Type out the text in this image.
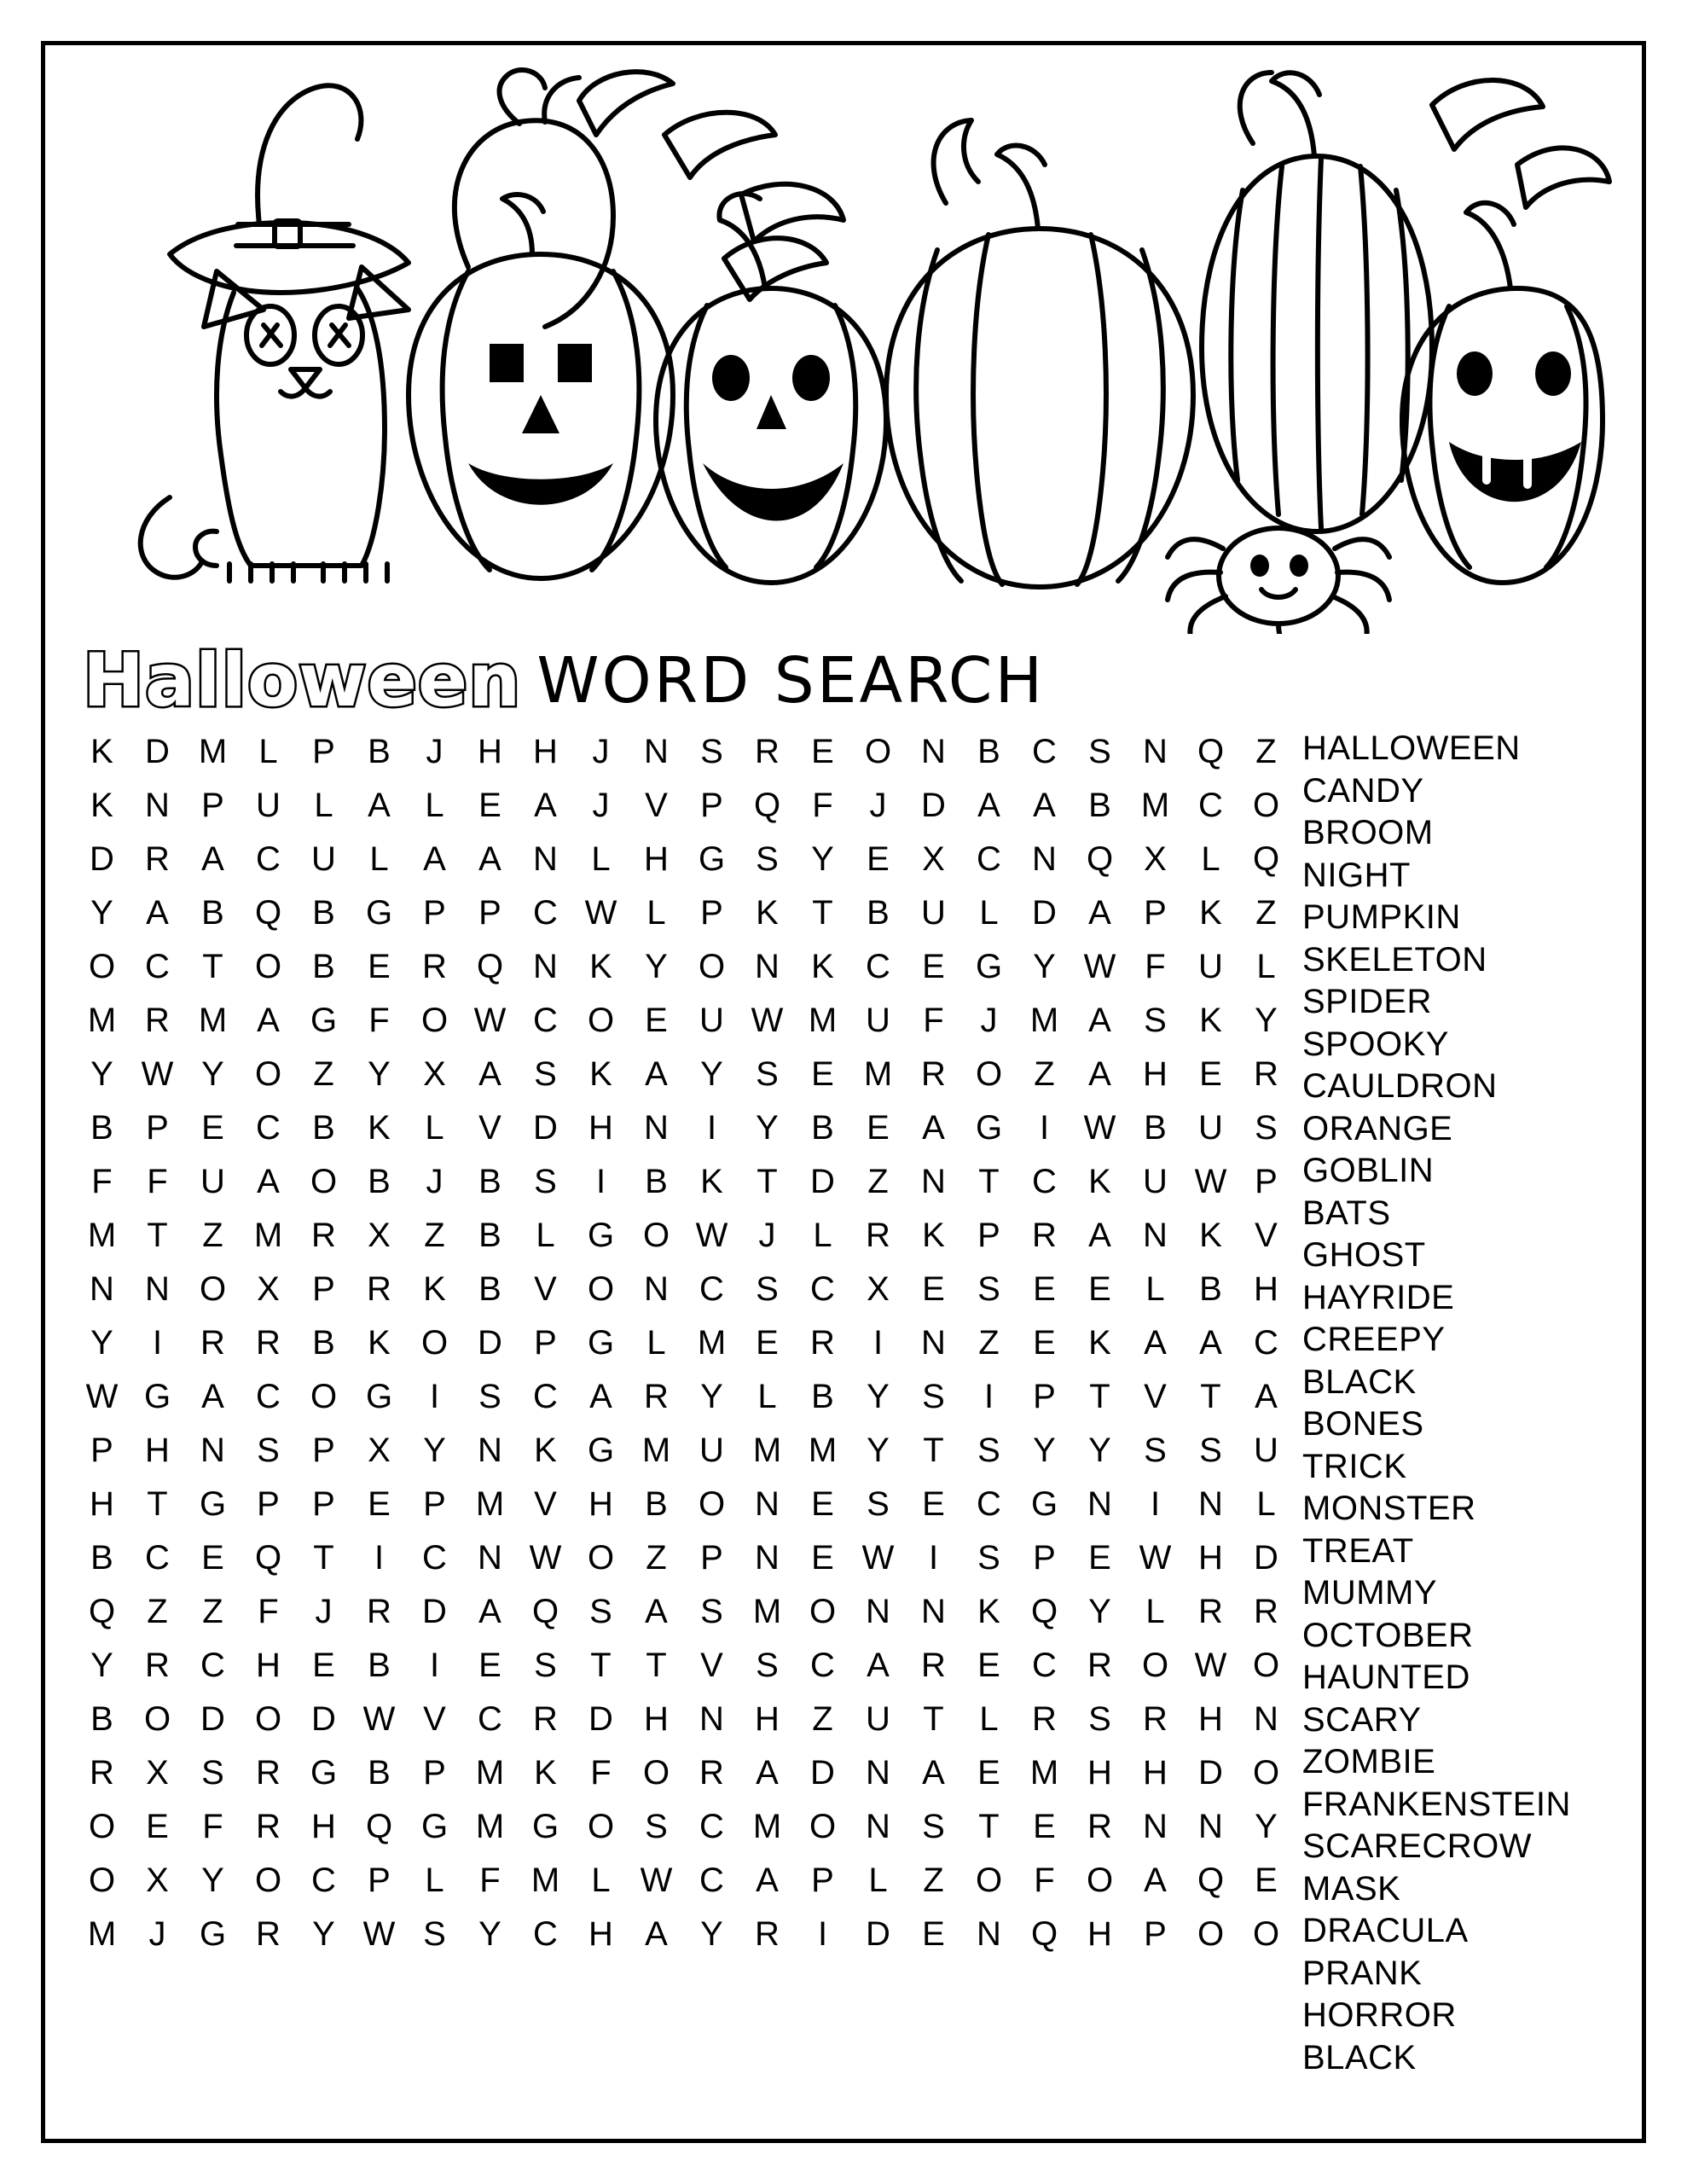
Halloween WORD SEARCH
K D M L	P B	J	H H	J	N S R E O N B C S N Q Z
K N P U L	A	L	E A	J	V P Q F	J	D A A B M C O
D R A C U L	A A N L H G S Y E X C N Q X	L Q
Y A B Q B G P P C W L	P K T B U L D A P K Z
O C T O B E R Q N K Y O N K C E G Y W F U L
M R M A G F O W C O E U W M U F	J M A S K Y
Y W Y O Z Y X A S K A Y S E M R O Z A H E R
B P E C B K	L	V D H N	I	Y B E A G	I	W B U S
F	F U A O B	J	B S	I	B K T D Z N T C K U W P
M T	Z M R X Z B	L G O W J	L R K P R A N K V
N N O X P R K B V O N C S C X E S E E	L	B H
Y	I	R R B K O D P G L M E R	I	N Z E K A A C
W G A C O G	I	S C A R Y	L	B Y S	I	P T V T A
P H N S P X Y N K G M U M M Y T S Y Y S S U
H T G P P E P M V H B O N E S E C G N	I	N L
B C E Q T	I	C N W O Z P N E W	I	S P E W H D
Q Z	Z	F	J	R D A Q S A S M O N N K Q Y	L R R
Y R C H E B	I	E S T	T V S C A R E C R O W O
B O D O D W V C R D H N H Z U T	L R S R H N
R X S R G B P M K F O R A D N A E M H H D O
O E F R H Q G M G O S C M O N S T E R N N Y
O X Y O C P	L	F M L W C A P	L	Z O F O A Q E
M J G R Y W S Y C H A Y R	I	D E N Q H P O O
HALLOWEEN
CANDY
BROOM
NIGHT
PUMPKIN
SKELETON
SPIDER
SPOOKY
CAULDRON
ORANGE
GOBLIN
BATS
GHOST
HAYRIDE
CREEPY
BLACK
BONES
TRICK
MONSTER
TREAT
MUMMY
OCTOBER
HAUNTED
SCARY
ZOMBIE
FRANKENSTEIN
SCARECROW
MASK
DRACULA
PRANK
HORROR
BLACK
